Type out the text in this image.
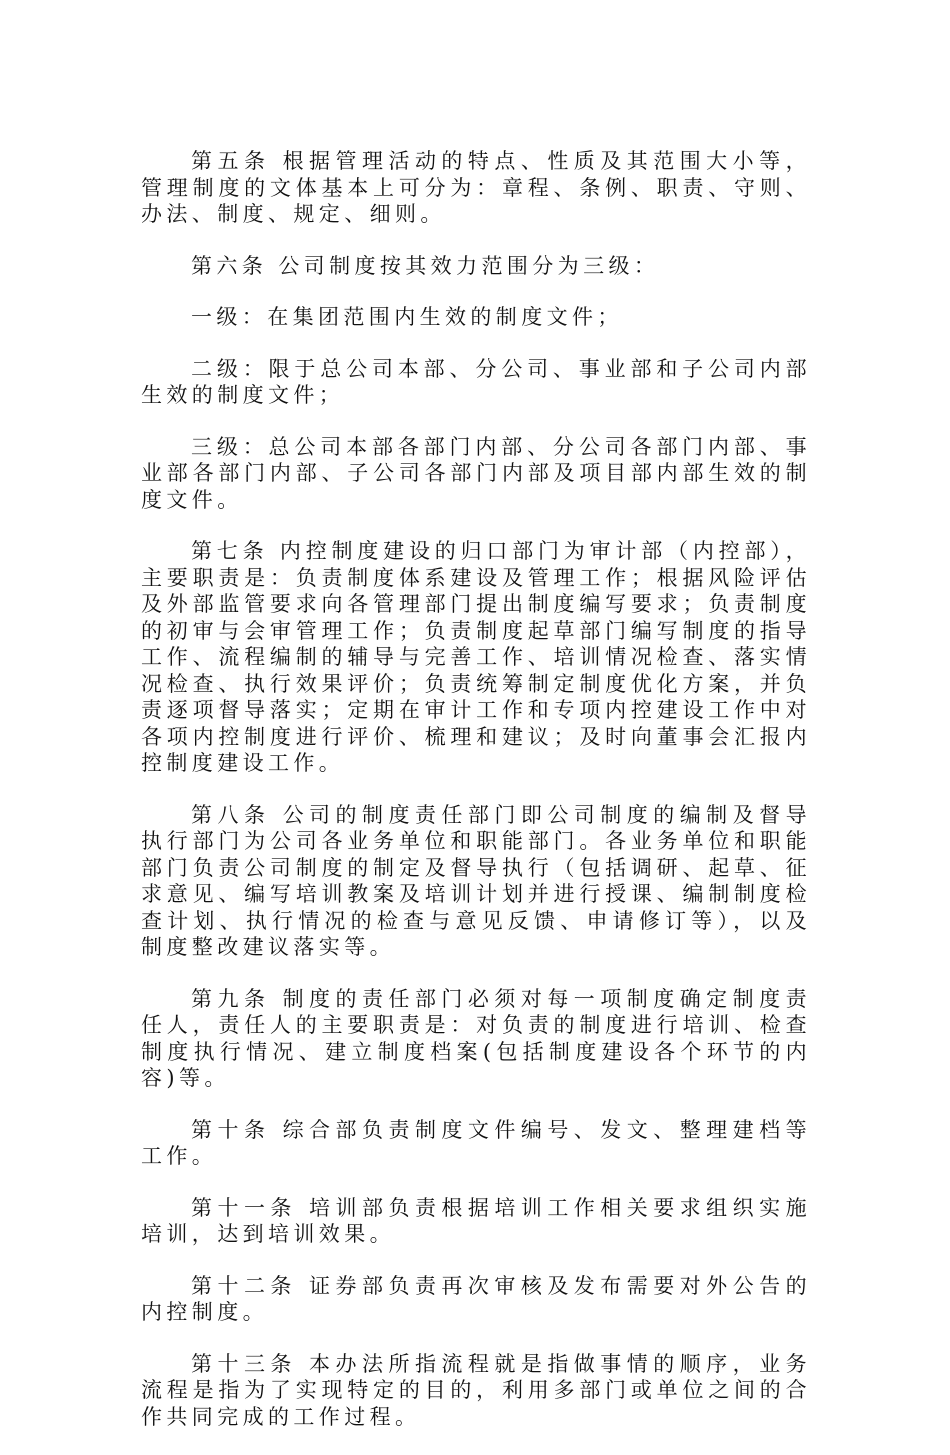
第五条 根据管理活动的特点、性质及其范围大小等，管理制度的文体基本上可分为：章程、条例、职责、守则、办法、制度、规定、细则。

第六条 公司制度按其效力范围分为三级：

一级：在集团范围内生效的制度文件；

二级：限于总公司本部、分公司、事业部和子公司内部生效的制度文件；

三级：总公司本部各部门内部、分公司各部门内部、事业部各部门内部、子公司各部门内部及项目部内部生效的制度文件。

第七条 内控制度建设的归口部门为审计部（内控部），主要职责是：负责制度体系建设及管理工作；根据风险评估及外部监管要求向各管理部门提出制度编写要求；负责制度的初审与会审管理工作；负责制度起草部门编写制度的指导工作、流程编制的辅导与完善工作、培训情况检查、落实情况检查、执行效果评价；负责统筹制定制度优化方案，并负责逐项督导落实；定期在审计工作和专项内控建设工作中对各项内控制度进行评价、梳理和建议；及时向董事会汇报内控制度建设工作。

第八条 公司的制度责任部门即公司制度的编制及督导执行部门为公司各业务单位和职能部门。各业务单位和职能部门负责公司制度的制定及督导执行（包括调研、起草、征求意见、编写培训教案及培训计划并进行授课、编制制度检查计划、执行情况的检查与意见反馈、申请修订等），以及制度整改建议落实等。

第九条 制度的责任部门必须对每一项制度确定制度责任人，责任人的主要职责是：对负责的制度进行培训、检查制度执行情况、建立制度档案(包括制度建设各个环节的内容)等。

第十条 综合部负责制度文件编号、发文、整理建档等工作。

第十一条 培训部负责根据培训工作相关要求组织实施培训，达到培训效果。

第十二条 证券部负责再次审核及发布需要对外公告的内控制度。

第十三条 本办法所指流程就是指做事情的顺序，业务流程是指为了实现特定的目的，利用多部门或单位之间的合作共同完成的工作过程。
